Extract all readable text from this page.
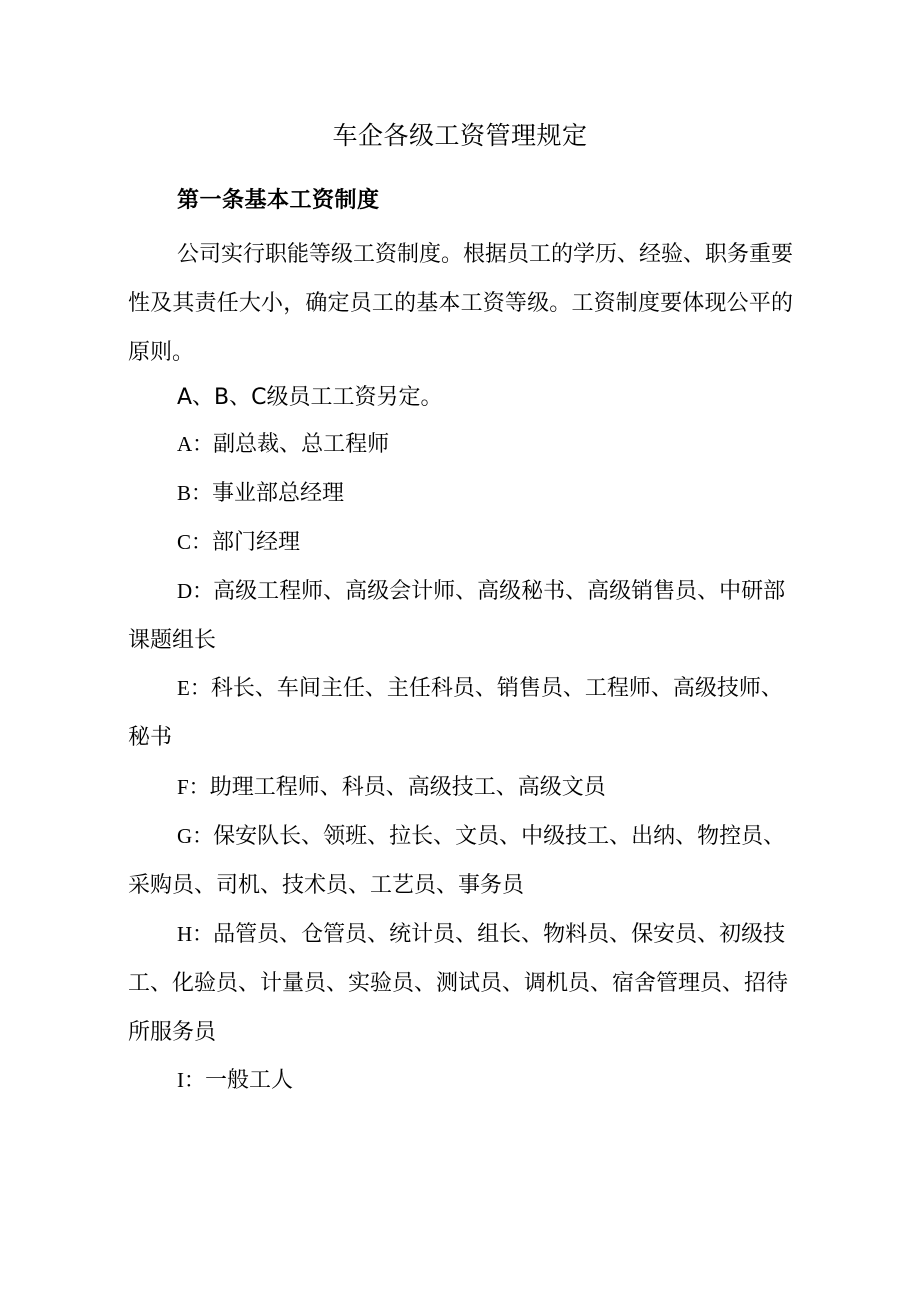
车企各级工资管理规定
第一条基本工资制度
公司实行职能等级工资制度。根据员工的学历、经验、职务重要性及其责任大小，确定员工的基本工资等级。工资制度要体现公平的原则。
A、B、C级员工工资另定。
A：副总裁、总工程师
B：事业部总经理
C：部门经理
D：高级工程师、高级会计师、高级秘书、高级销售员、中研部课题组长
E：科长、车间主任、主任科员、销售员、工程师、高级技师、秘书
F：助理工程师、科员、高级技工、高级文员
G：保安队长、领班、拉长、文员、中级技工、出纳、物控员、采购员、司机、技术员、工艺员、事务员
H：品管员、仓管员、统计员、组长、物料员、保安员、初级技工、化验员、计量员、实验员、测试员、调机员、宿舍管理员、招待所服务员
I：一般工人
